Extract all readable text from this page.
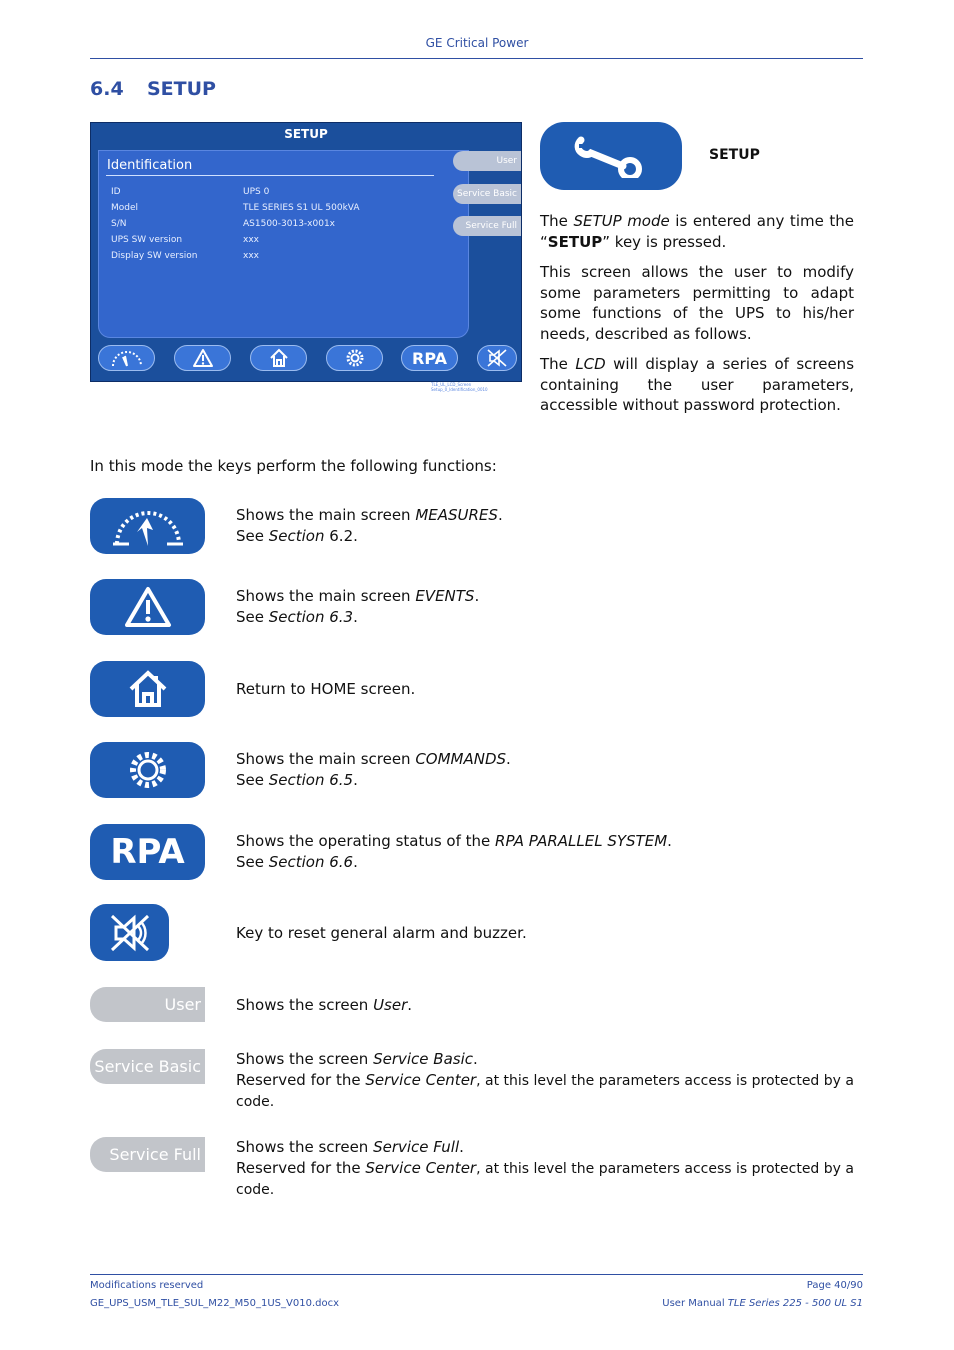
GE Critical Power
6.4 SETUP
SETUP
Identification
ID	UPS 0
Model	TLE SERIES S1 UL 500kVA
S/N	AS1500-3013-x001x
UPS SW version	xxx
Display SW version	xxx
User
Service Basic
Service Full
RPA
TLE_UL_LCD_Screen Setup_0_Identification_0010
SETUP
The SETUP mode is entered any time the “SETUP” key is pressed.
This screen allows the user to modify some parameters permitting to adapt some functions of the UPS to his/her needs, described as follows.
The LCD will display a series of screens containing the user parameters, accessible without password protection.
In this mode the keys perform the following functions:
Shows the main screen MEASURES.
See Section 6.2.
Shows the main screen EVENTS.
See Section 6.3.
Return to HOME screen.
Shows the main screen COMMANDS.
See Section 6.5.
RPA	Shows the operating status of the RPA PARALLEL SYSTEM.
See Section 6.6.
Key to reset general alarm and buzzer.
User Shows the screen User.
Service Basic Shows the screen Service Basic.
Reserved for the Service Center, at this level the parameters access is protected by a code.
Service Full Shows the screen Service Full.
Reserved for the Service Center, at this level the parameters access is protected by a code.
Modifications reserved
GE_UPS_USM_TLE_SUL_M22_M50_1US_V010.docx
Page 40/90
User Manual TLE Series 225 - 500 UL S1
